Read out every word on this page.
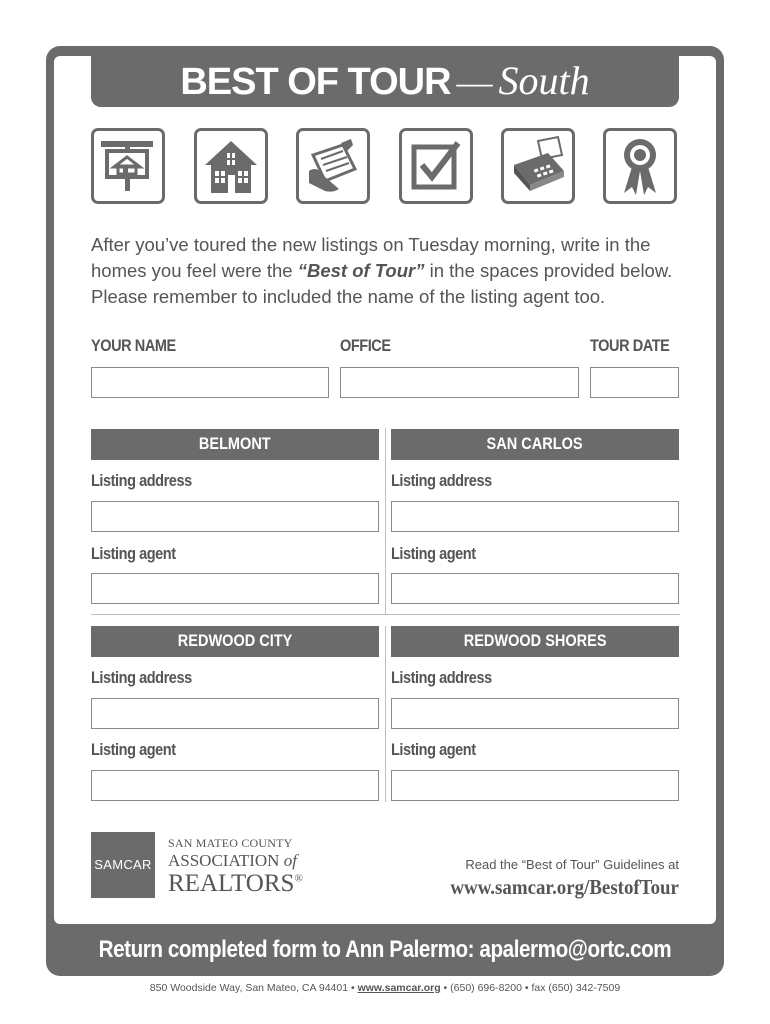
BEST OF TOUR — South
After you’ve toured the new listings on Tuesday morning, write in the
homes you feel were the “Best of Tour” in the spaces provided below.
Please remember to included the name of the listing agent too.
YOUR NAME	OFFICE	TOUR DATE
BELMONT
Listing address
Listing agent
SAN CARLOS
Listing address
Listing agent
REDWOOD CITY
Listing address
Listing agent
REDWOOD SHORES
Listing address
Listing agent
SAMCAR
SAN MATEO COUNTY
ASSOCIATION of
REALTORS®
Read the “Best of Tour” Guidelines at
www.samcar.org/BestofTour
Return completed form to Ann Palermo: apalermo@ortc.com
850 Woodside Way, San Mateo, CA 94401 • www.samcar.org • (650) 696-8200 • fax (650) 342-7509
